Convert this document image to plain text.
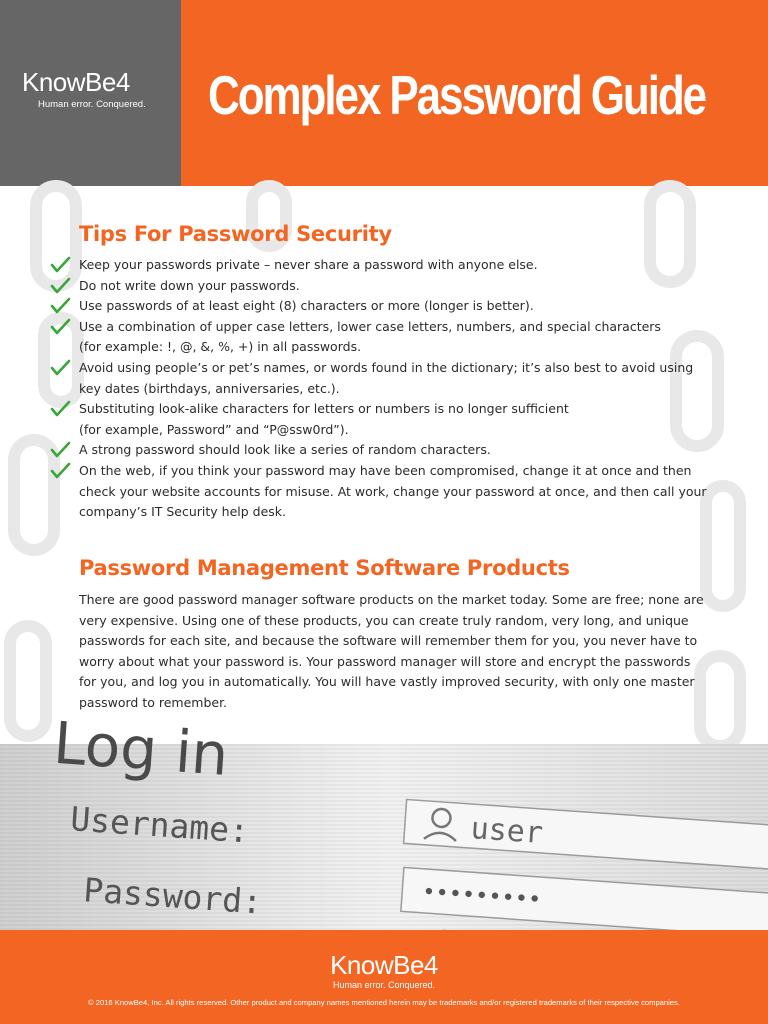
KnowBe4
Human error. Conquered.	Complex Password Guide
Tips For Password Security
Keep your passwords private – never share a password with anyone else.
Do not write down your passwords.
Use passwords of at least eight (8) characters or more (longer is better).
Use a combination of upper case letters, lower case letters, numbers, and special characters
(for example: !, @, &, %, +) in all passwords.
Avoid using people’s or pet’s names, or words found in the dictionary; it’s also best to avoid using
key dates (birthdays, anniversaries, etc.).
Substituting look-alike characters for letters or numbers is no longer sufficient
(for example, Password” and “P@ssw0rd”).
A strong password should look like a series of random characters.
On the web, if you think your password may have been compromised, change it at once and then
check your website accounts for misuse. At work, change your password at once, and then call your
company’s IT Security help desk.
Password Management Software Products
There are good password manager software products on the market today. Some are free; none are
very expensive. Using one of these products, you can create truly random, very long, and unique
passwords for each site, and because the software will remember them for you, you never have to
worry about what your password is. Your password manager will store and encrypt the passwords
for you, and log you in automatically. You will have vastly improved security, with only one master
password to remember.
Log in
Username:	user
Password:	•••••••••
KnowBe4
Human error. Conquered.
© 2016 KnowBe4, Inc. All rights reserved. Other product and company names mentioned herein may be trademarks and/or registered trademarks of their respective companies.
